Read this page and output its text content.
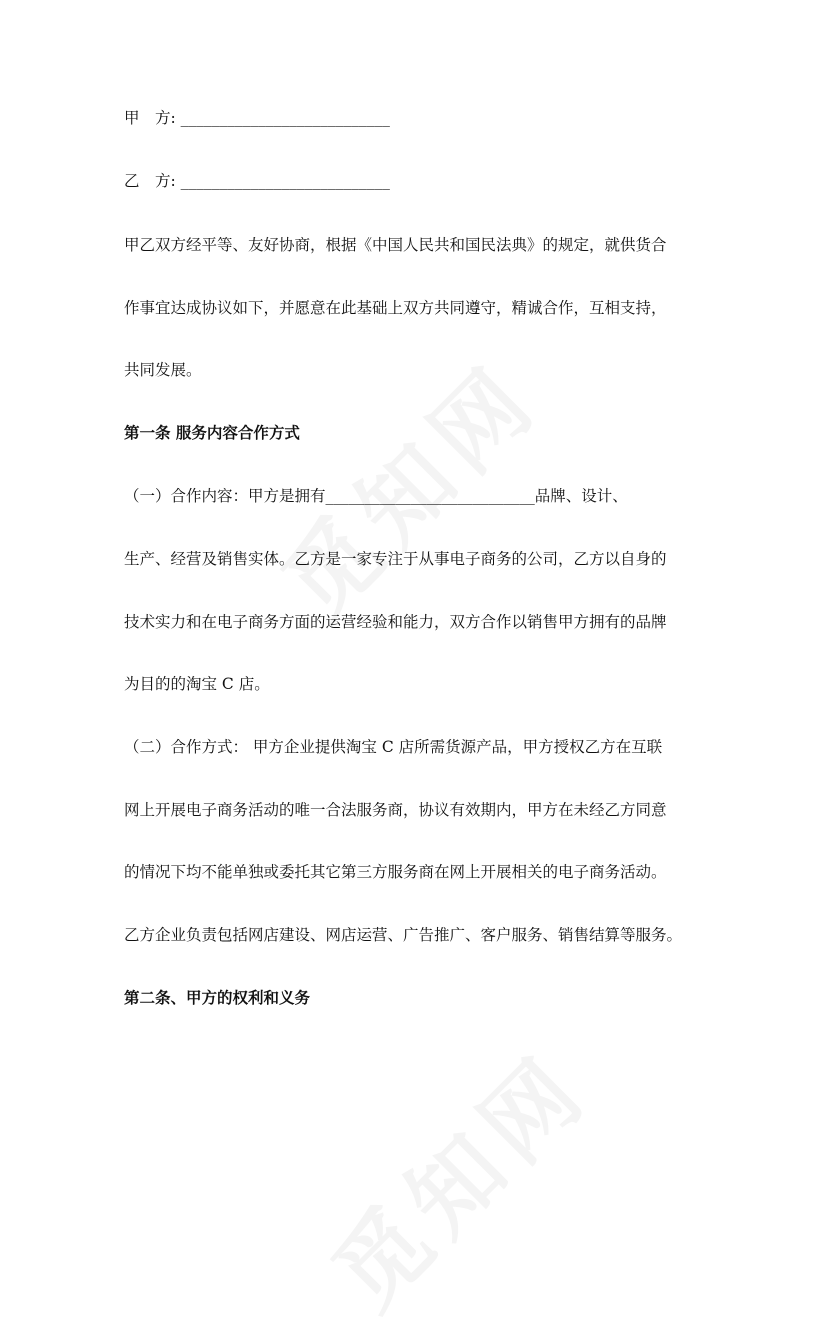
甲　方: ___________________________
乙　方: ___________________________
甲乙双方经平等、友好协商，根据《中国人民共和国民法典》的规定，就供货合
作事宜达成协议如下，并愿意在此基础上双方共同遵守，精诚合作，互相支持，
共同发展。
第一条 服务内容合作方式
（一）合作内容：甲方是拥有___________________________品牌、设计、
生产、经营及销售实体。乙方是一家专注于从事电子商务的公司，乙方以自身的
技术实力和在电子商务方面的运营经验和能力，双方合作以销售甲方拥有的品牌
为目的的淘宝 C 店。
（二）合作方式： 甲方企业提供淘宝 C 店所需货源产品，甲方授权乙方在互联
网上开展电子商务活动的唯一合法服务商，协议有效期内，甲方在未经乙方同意
的情况下均不能单独或委托其它第三方服务商在网上开展相关的电子商务活动。
乙方企业负责包括网店建设、网店运营、广告推广、客户服务、销售结算等服务。
第二条、甲方的权利和义务
